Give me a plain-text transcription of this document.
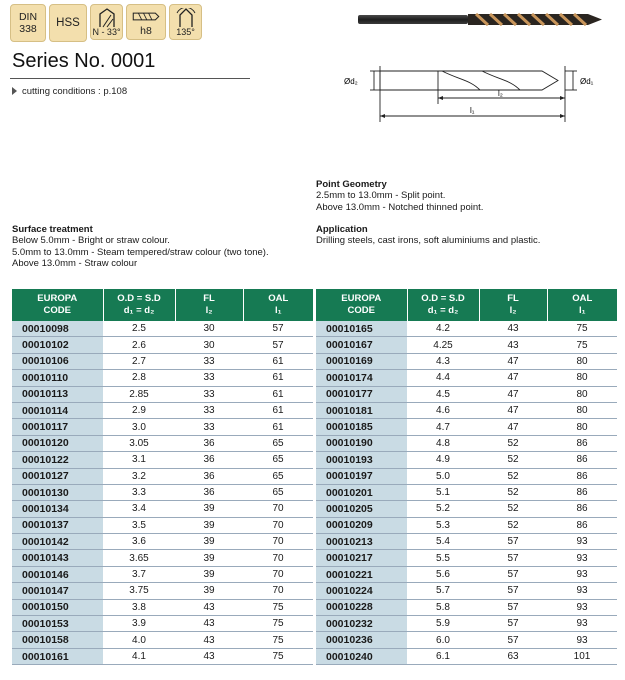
DIN
338 HSS
N - 33° h8	135°
Series No. 0001
cutting conditions : p.108
Ød₂	Ød₁
l₂
l₁
Point Geometry

2.5mm to 13.0mm - Split point.

Above 13.0mm - Notched thinned point.

Application

Drilling steels, cast irons, soft aluminiums and plastic.

Surface treatment

Below 5.0mm - Bright or straw colour.

5.0mm to 13.0mm - Steam tempered/straw colour (two tone).

Above 13.0mm - Straw colour

EUROPA
CODE	O.D = S.D
d₁ = d₂	FL
l₂	OAL
l₁

00010098	2.5	30	57
00010102	2.6	30	57
00010106	2.7	33	61
00010110	2.8	33	61
00010113	2.85	33	61
00010114	2.9	33	61
00010117	3.0	33	61
00010120	3.05	36	65
00010122	3.1	36	65
00010127	3.2	36	65
00010130	3.3	36	65
00010134	3.4	39	70
00010137	3.5	39	70
00010142	3.6	39	70
00010143	3.65	39	70
00010146	3.7	39	70
00010147	3.75	39	70
00010150	3.8	43	75
00010153	3.9	43	75
00010158	4.0	43	75
00010161	4.1	43	75
EUROPA
CODE	O.D = S.D
d₁ = d₂	FL
l₂	OAL
l₁

00010165	4.2	43	75
00010167	4.25	43	75
00010169	4.3	47	80
00010174	4.4	47	80
00010177	4.5	47	80
00010181	4.6	47	80
00010185	4.7	47	80
00010190	4.8	52	86
00010193	4.9	52	86
00010197	5.0	52	86
00010201	5.1	52	86
00010205	5.2	52	86
00010209	5.3	52	86
00010213	5.4	57	93
00010217	5.5	57	93
00010221	5.6	57	93
00010224	5.7	57	93
00010228	5.8	57	93
00010232	5.9	57	93
00010236	6.0	57	93
00010240	6.1	63	101
